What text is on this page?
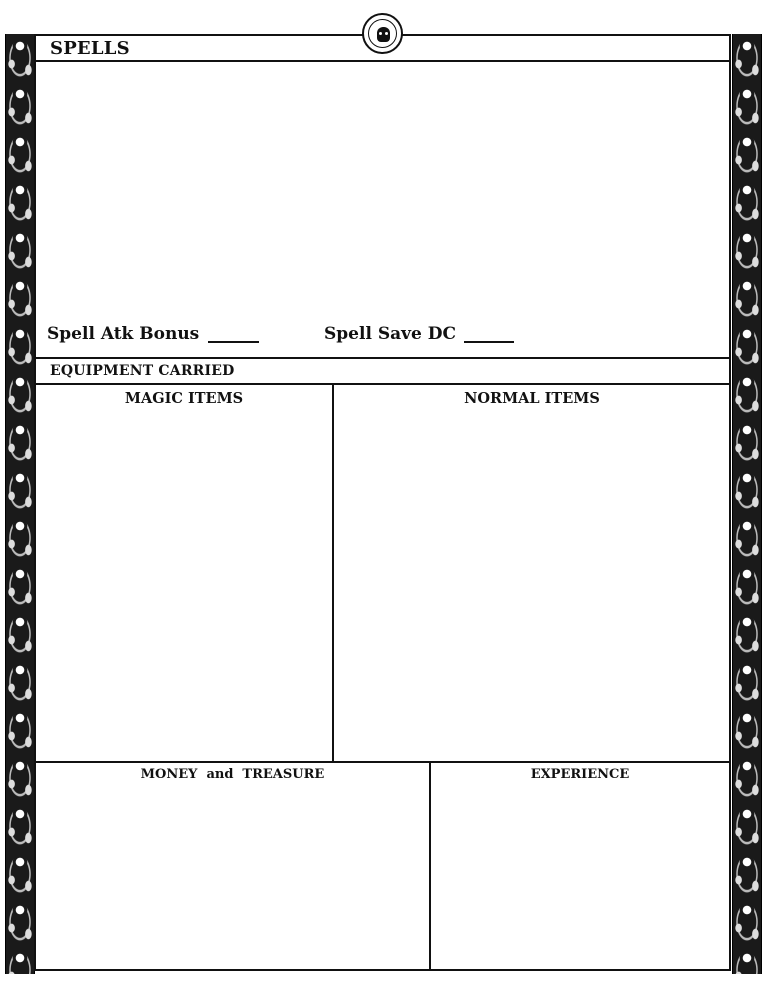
SPELLS
Spell Atk Bonus	Spell Save DC
EQUIPMENT CARRIED
MAGIC ITEMS	NORMAL ITEMS
MONEY and TREASURE	EXPERIENCE
